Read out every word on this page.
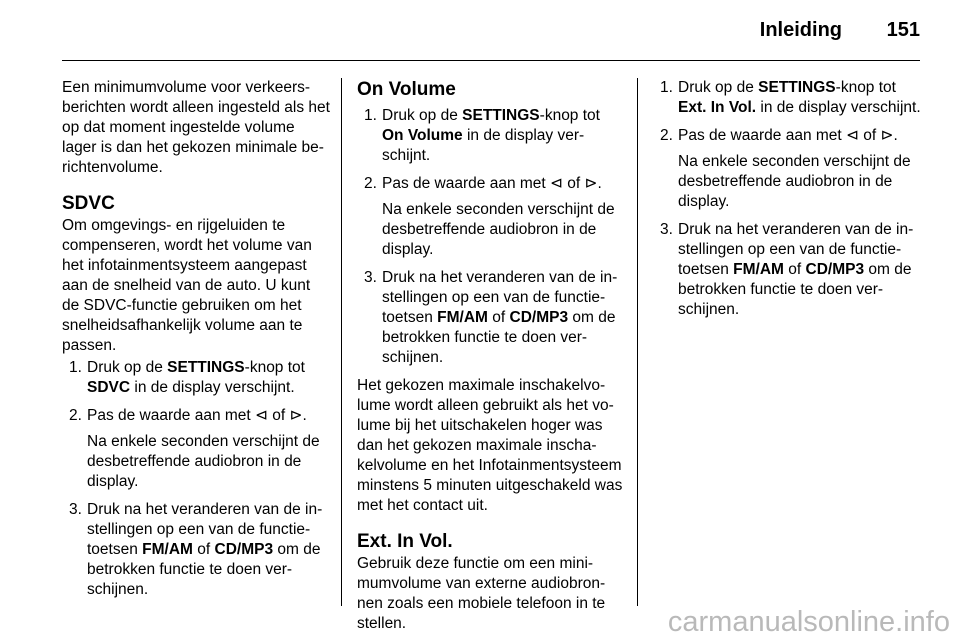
Inleiding 151

Een minimumvolume voor verkeersberichten wordt alleen ingesteld als het op dat moment ingestelde volume lager is dan het gekozen minimale berichtenvolume.

SDVC

Om omgevings- en rijgeluiden te compenseren, wordt het volume van het infotainmentsysteem aangepast aan de snelheid van de auto. U kunt de SDVC-functie gebruiken om het snelheidsafhankelijk volume aan te passen.

1. Druk op de SETTINGS-knop tot SDVC in de display verschijnt.
2. Pas de waarde aan met ⊲ of ⊳.

Na enkele seconden verschijnt de desbetreffende audiobron in de display.

3. Druk na het veranderen van de instellingen op een van de functietoetsen FM/AM of CD/MP3 om de betrokken functie te doen verschijnen.

On Volume

1. Druk op de SETTINGS-knop tot On Volume in de display verschijnt.
2. Pas de waarde aan met ⊲ of ⊳.

Na enkele seconden verschijnt de desbetreffende audiobron in de display.

3. Druk na het veranderen van de instellingen op een van de functietoetsen FM/AM of CD/MP3 om de betrokken functie te doen verschijnen.

Het gekozen maximale inschakelvolume wordt alleen gebruikt als het volume bij het uitschakelen hoger was dan het gekozen maximale inschakelvolume en het Infotainmentsysteem minstens 5 minuten uitgeschakeld was met het contact uit.

Ext. In Vol.

Gebruik deze functie om een minimumvolume van externe audiobronnen zoals een mobiele telefoon in te stellen.

1. Druk op de SETTINGS-knop tot Ext. In Vol. in de display verschijnt.
2. Pas de waarde aan met ⊲ of ⊳.

Na enkele seconden verschijnt de desbetreffende audiobron in de display.

3. Druk na het veranderen van de instellingen op een van de functietoetsen FM/AM of CD/MP3 om de betrokken functie te doen verschijnen.
carmanualsonline.info
